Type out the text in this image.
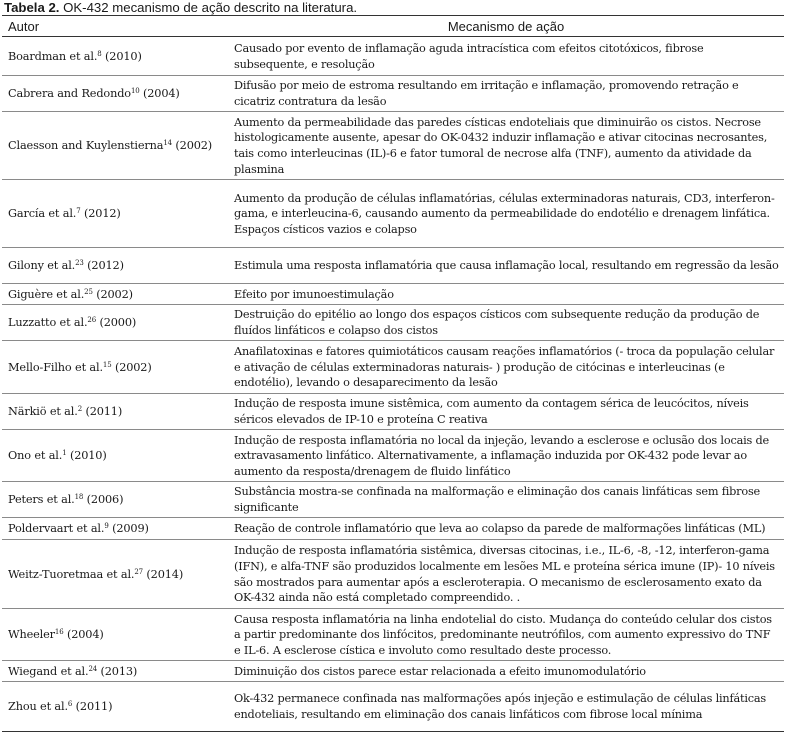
Tabela 2. OK-432 mecanismo de ação descrito na literatura.
Autor	Mecanismo de ação
Boardman et al.$^8$ (2010)	Causado por evento de inflamação aguda intracística com efeitos citotóxicos, fibrose subsequente, e resolução
Cabrera and Redondo$^{10}$ (2004)	Difusão por meio de estroma resultando em irritação e inflamação, promovendo retração e cicatriz contratura da lesão
Claesson and Kuylenstierna$^{14}$ (2002)	Aumento da permeabilidade das paredes císticas endoteliais que diminuirão os cistos. Necrose histologicamente ausente, apesar do OK-0432 induzir inflamação e ativar citocinas necrosantes, tais como interleucinas (IL)-6 e fator tumoral de necrose alfa (TNF), aumento da atividade da plasmina
García et al.$^7$ (2012)	Aumento da produção de células inflamatórias, células exterminadoras naturais, CD3, interferon-gama, e interleucina-6, causando aumento da permeabilidade do endotélio e drenagem linfática. Espaços císticos vazios e colapso
Gilony et al.$^{23}$ (2012)	Estimula uma resposta inflamatória que causa inflamação local, resultando em regressão da lesão
Giguère et al.$^{25}$ (2002)	Efeito por imunoestimulação
Luzzatto et al.$^{26}$ (2000)	Destruição do epitélio ao longo dos espaços císticos com subsequente redução da produção de fluídos linfáticos e colapso dos cistos
Mello-Filho et al.$^{15}$ (2002)	Anafilatoxinas e fatores quimiotáticos causam reações inflamatórios (- troca da população celular e ativação de células exterminadoras naturais- ) produção de citócinas e interleucinas (e endotélio), levando o desaparecimento da lesão
Närkiö et al.$^2$ (2011)	Indução de resposta imune sistêmica, com aumento da contagem sérica de leucócitos, níveis séricos elevados de IP-10 e proteína C reativa
Ono et al.$^1$ (2010)	Indução de resposta inflamatória no local da injeção, levando a esclerose e oclusão dos locais de extravasamento linfático. Alternativamente, a inflamação induzida por OK-432 pode levar ao aumento da resposta/drenagem de fluido linfático
Peters et al.$^{18}$ (2006)	Substância mostra-se confinada na malformação e eliminação dos canais linfáticas sem fibrose significante
Poldervaart et al.$^9$ (2009)	Reação de controle inflamatório que leva ao colapso da parede de malformações linfáticas (ML)
Weitz-Tuoretmaa et al.$^{27}$ (2014)	Indução de resposta inflamatória sistêmica, diversas citocinas, i.e., IL-6, -8, -12, interferon-gama (IFN), e alfa-TNF são produzidos localmente em lesões ML e proteína sérica imune (IP)- 10 níveis são mostrados para aumentar após a escleroterapia. O mecanismo de esclerosamento exato da OK-432 ainda não está completado compreendido. .
Wheeler$^{16}$ (2004)	Causa resposta inflamatória na linha endotelial do cisto. Mudança do conteúdo celular dos cistos a partir predominante dos linfócitos, predominante neutrófilos, com aumento expressivo do TNF e IL-6. A esclerose cística e involuto como resultado deste processo.
Wiegand et al.$^{24}$ (2013)	Diminuição dos cistos parece estar relacionada a efeito imunomodulatório
Zhou et al.$^6$ (2011)	Ok-432 permanece confinada nas malformações após injeção e estimulação de células linfáticas endoteliais, resultando em eliminação dos canais linfáticos com fibrose local mínima
